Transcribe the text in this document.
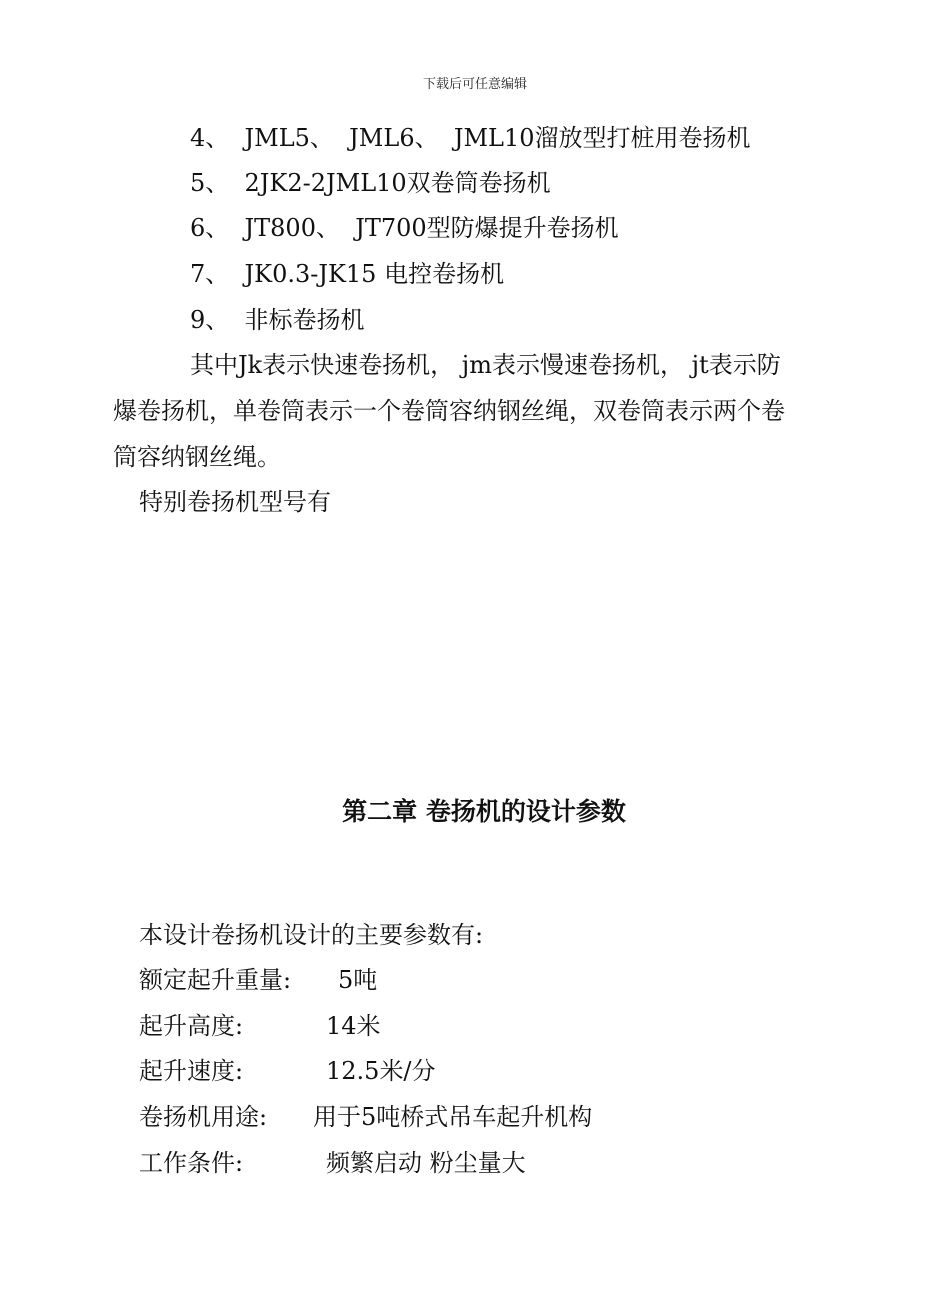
下载后可任意编辑
4、  JML5、  JML6、  JML10溜放型打桩用卷扬机
5、  2JK2-2JML10双卷筒卷扬机
6、  JT800、  JT700型防爆提升卷扬机
7、  JK0.3-JK15 电控卷扬机
9、  非标卷扬机
其中Jk表示快速卷扬机， jm表示慢速卷扬机， jt表示防
爆卷扬机，单卷筒表示一个卷筒容纳钢丝绳，双卷筒表示两个卷
筒容纳钢丝绳。
特别卷扬机型号有
第二章 卷扬机的设计参数
本设计卷扬机设计的主要参数有:
额定起升重量: 5吨
起升高度:	14米
起升速度:	12.5米/分
卷扬机用途: 用于5吨桥式吊车起升机构
工作条件:	频繁启动 粉尘量大
